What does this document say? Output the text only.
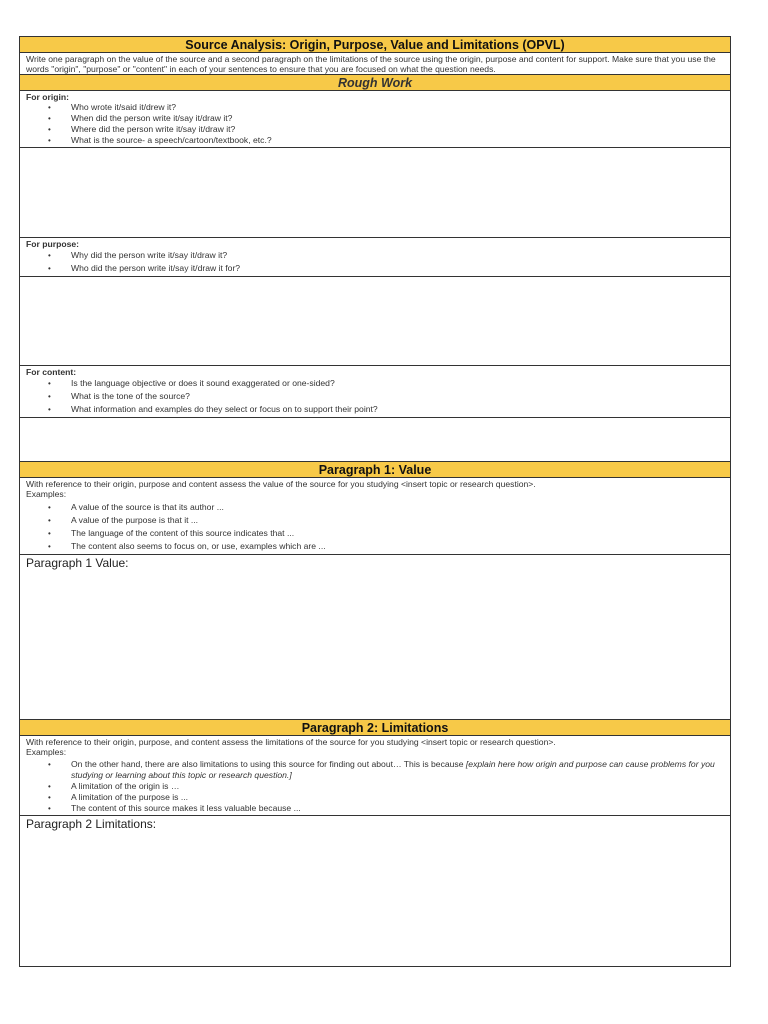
Source Analysis: Origin, Purpose, Value and Limitations (OPVL)
Write one paragraph on the value of the source and a second paragraph on the limitations of the source using the origin, purpose and content for support. Make sure that you use the words "origin", "purpose" or "content" in each of your sentences to ensure that you are focused on what the question needs.
Rough Work
For origin:
• Who wrote it/said it/drew it?
• When did the person write it/say it/draw it?
• Where did the person write it/say it/draw it?
• What is the source- a speech/cartoon/textbook, etc.?
For purpose:
• Why did the person write it/say it/draw it?
• Who did the person write it/say it/draw it for?
For content:
• Is the language objective or does it sound exaggerated or one-sided?
• What is the tone of the source?
• What information and examples do they select or focus on to support their point?
Paragraph 1: Value
With reference to their origin, purpose and content assess the value of the source for you studying <insert topic or research question>.
Examples:
• A value of the source is that its author ...
• A value of the purpose is that it ...
• The language of the content of this source indicates that ...
• The content also seems to focus on, or use, examples which are ...
Paragraph 1 Value:
Paragraph 2: Limitations
With reference to their origin, purpose, and content assess the limitations of the source for you studying <insert topic or research question>.
Examples:
• On the other hand, there are also limitations to using this source for finding out about… This is because [explain here how origin and purpose can cause problems for you studying or learning about this topic or research question.]
• A limitation of the origin is …
• A limitation of the purpose is ...
• The content of this source makes it less valuable because ...
Paragraph 2 Limitations:
